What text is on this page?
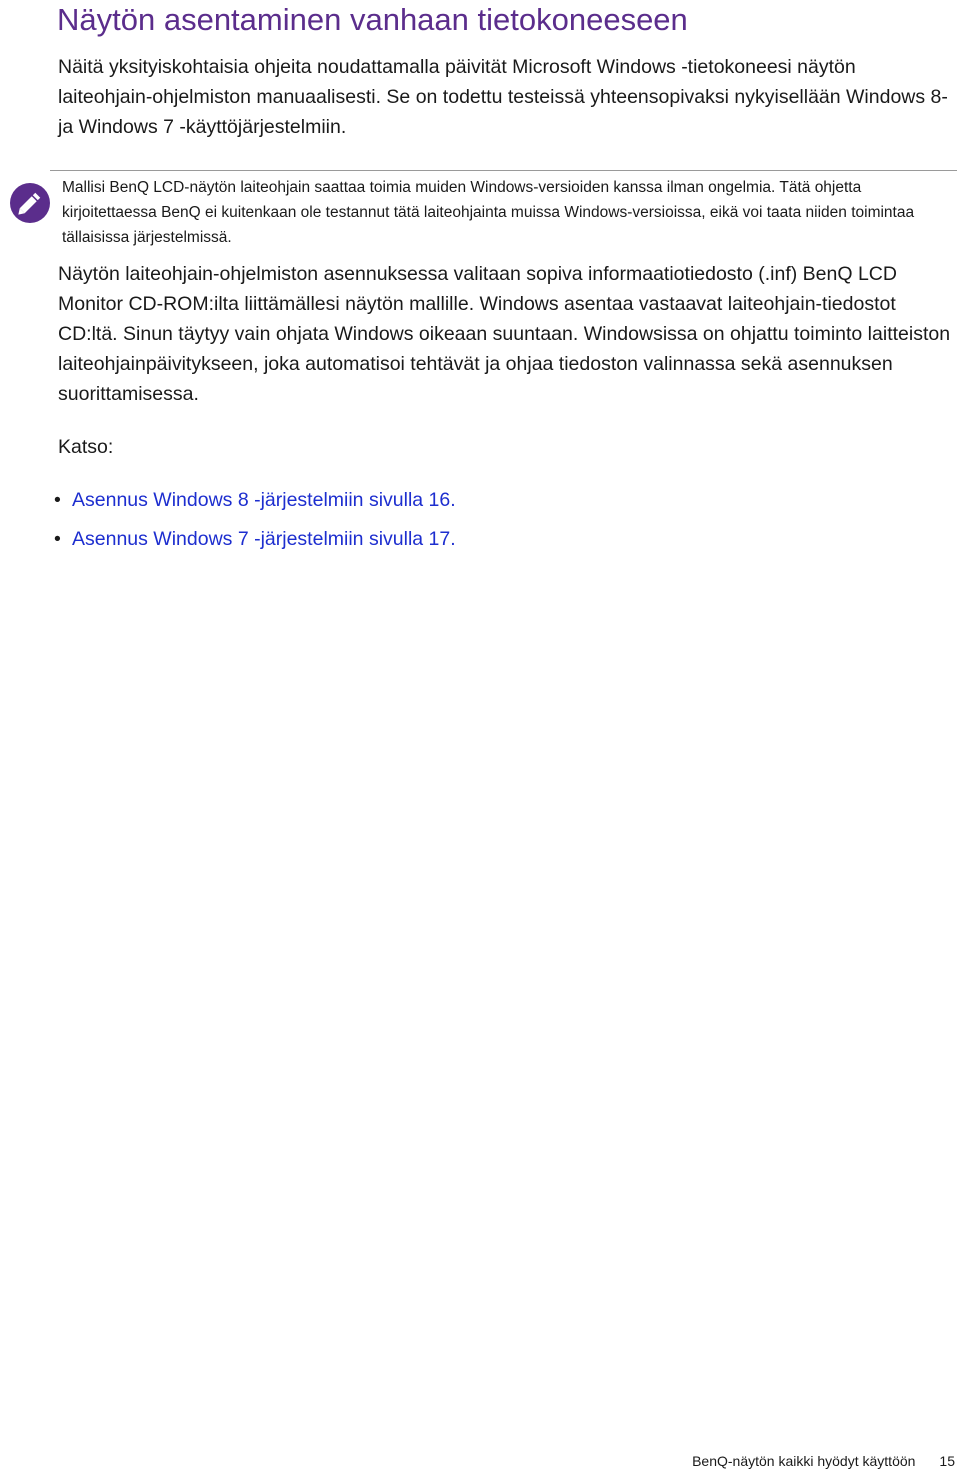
Näytön asentaminen vanhaan tietokoneeseen

Näitä yksityiskohtaisia ohjeita noudattamalla päivität Microsoft Windows -tietokoneesi näytön laiteohjain-ohjelmiston manuaalisesti. Se on todettu testeissä yhteensopivaksi nykyisellään Windows 8- ja Windows 7 -käyttöjärjestelmiin.

Mallisi BenQ LCD-näytön laiteohjain saattaa toimia muiden Windows-versioiden kanssa ilman ongelmia. Tätä ohjetta kirjoitettaessa BenQ ei kuitenkaan ole testannut tätä laiteohjainta muissa Windows-versioissa, eikä voi taata niiden toimintaa tällaisissa järjestelmissä.

Näytön laiteohjain-ohjelmiston asennuksessa valitaan sopiva informaatiotiedosto (.inf) BenQ LCD Monitor CD-ROM:ilta liittämällesi näytön mallille. Windows asentaa vastaavat laiteohjain-tiedostot CD:ltä. Sinun täytyy vain ohjata Windows oikeaan suuntaan. Windowsissa on ohjattu toiminto laitteiston laiteohjainpäivitykseen, joka automatisoi tehtävät ja ohjaa tiedoston valinnassa sekä asennuksen suorittamisessa.

Katso:

• Asennus Windows 8 -järjestelmiin sivulla 16.
• Asennus Windows 7 -järjestelmiin sivulla 17.
BenQ-näytön kaikki hyödyt käyttöön 15
